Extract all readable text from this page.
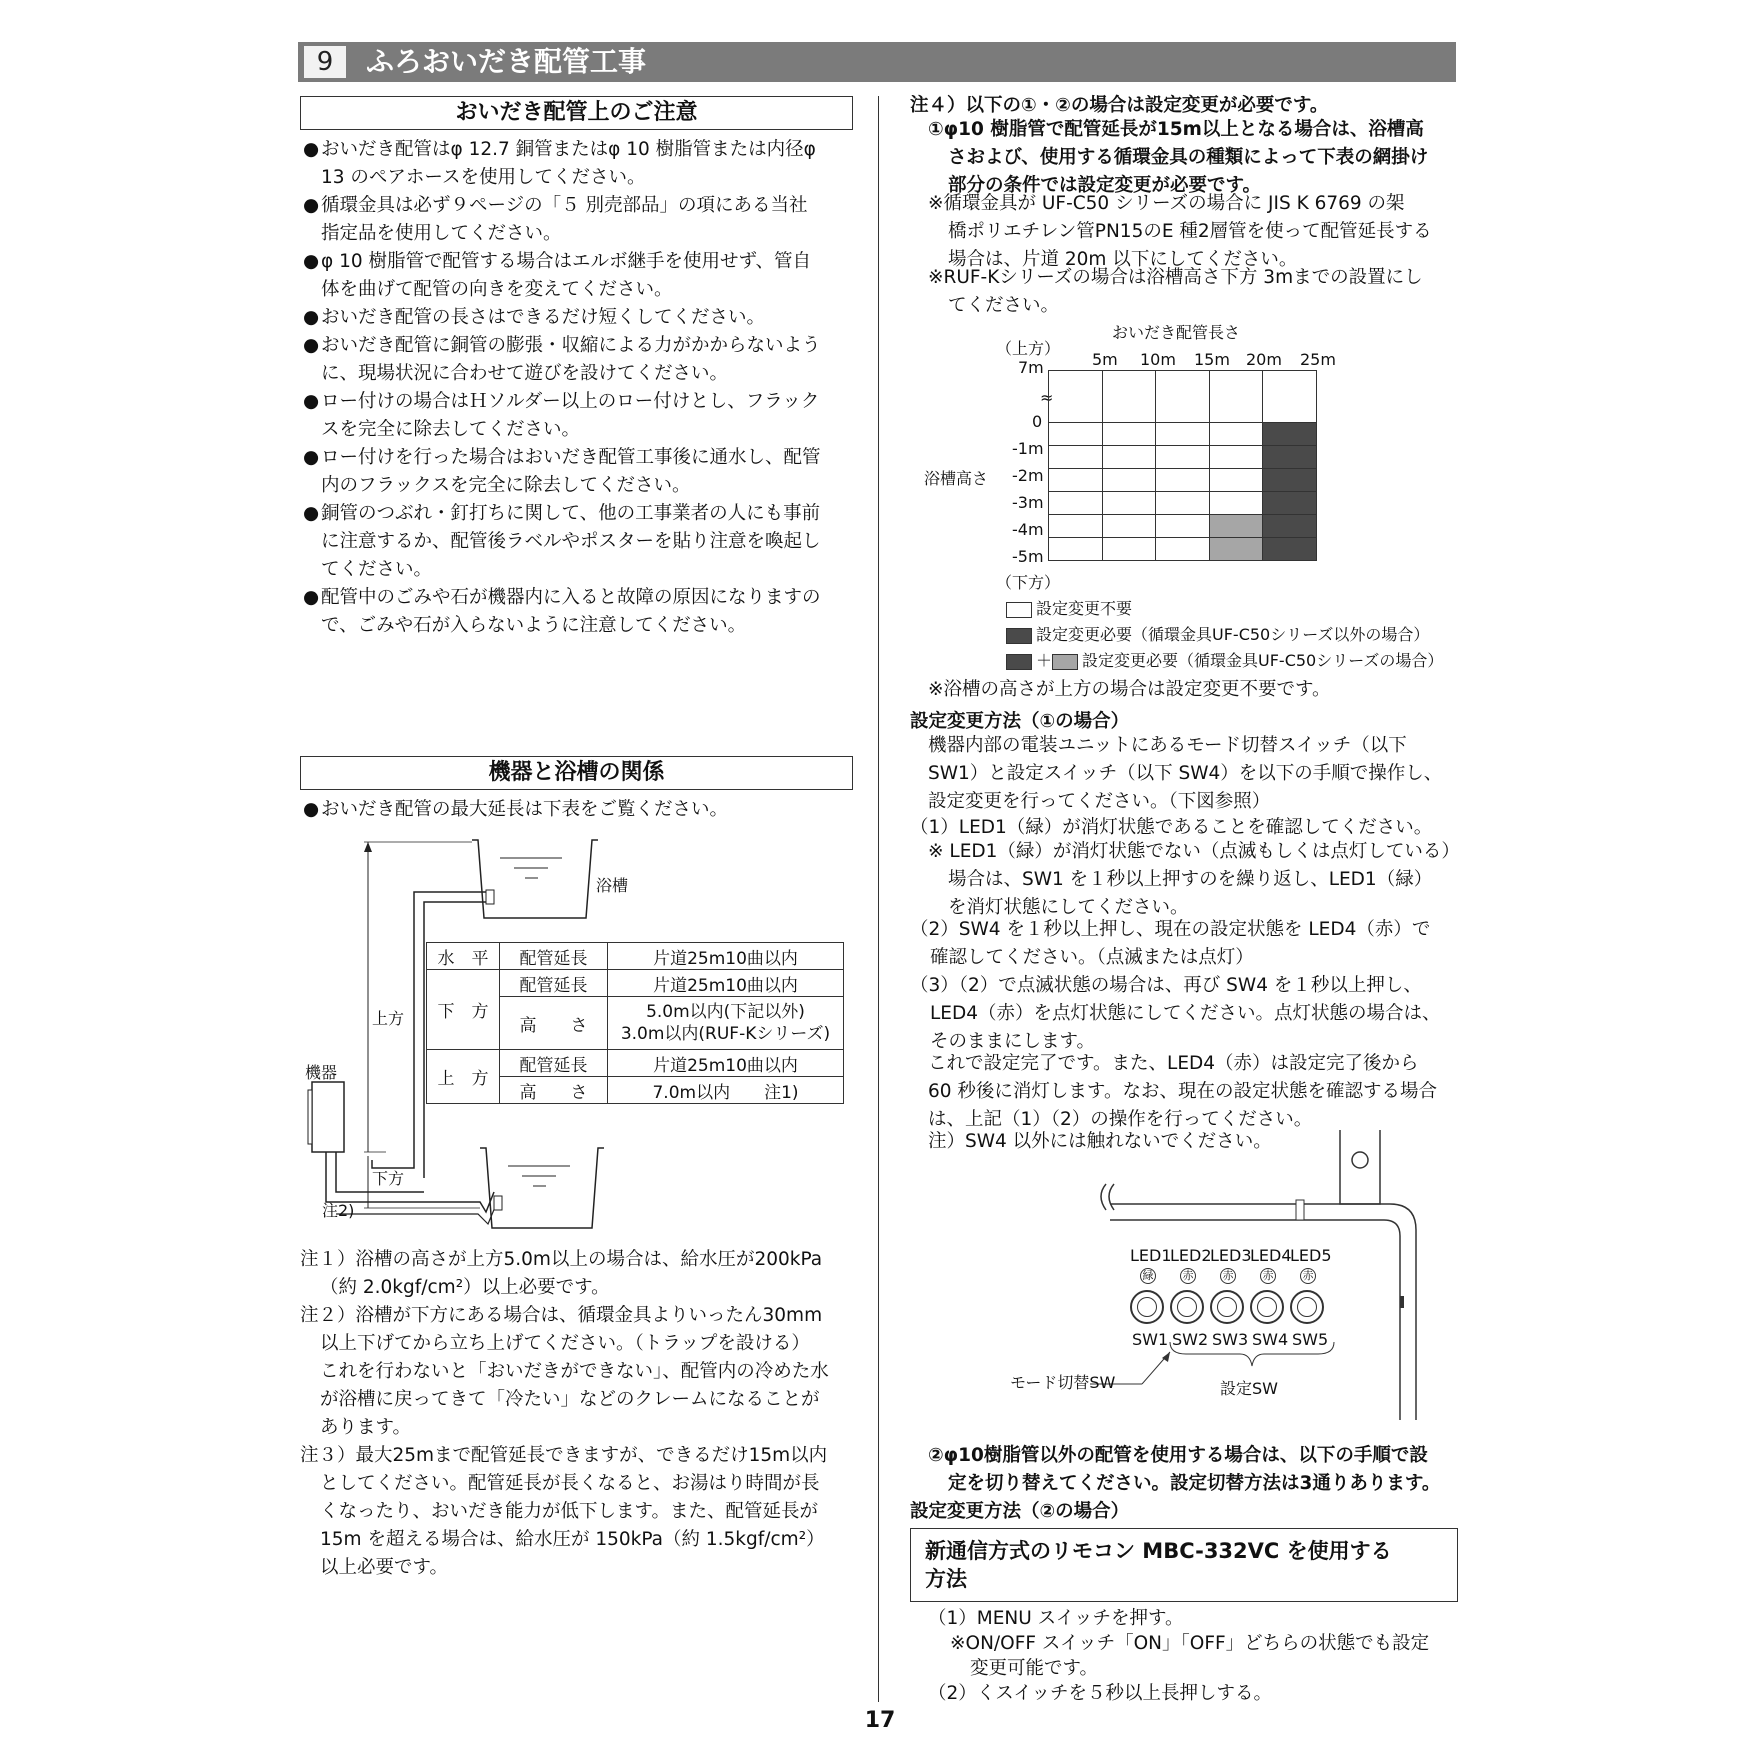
9	ふろおいだき配管工事
おいだき配管上のご注意
● おいだき配管はφ 12.7 銅管またはφ 10 樹脂管または内径φ
13 のペアホースを使用してください。
● 循環金具は必ず９ページの「５ 別売部品」の項にある当社
指定品を使用してください。
● φ 10 樹脂管で配管する場合はエルボ継手を使用せず、管自
体を曲げて配管の向きを変えてください。
● おいだき配管の長さはできるだけ短くしてください。
● おいだき配管に銅管の膨張・収縮による力がかからないよう
に、現場状況に合わせて遊びを設けてください。
● ロー付けの場合はＨソルダー以上のロー付けとし、フラック
スを完全に除去してください。
● ロー付けを行った場合はおいだき配管工事後に通水し、配管
内のフラックスを完全に除去してください。
● 銅管のつぶれ・釘打ちに関して、他の工事業者の人にも事前
に注意するか、配管後ラベルやポスターを貼り注意を喚起し
てください。
● 配管中のごみや石が機器内に入ると故障の原因になりますの
で、ごみや石が入らないように注意してください。
機器と浴槽の関係
● おいだき配管の最大延長は下表をご覧ください。
浴槽
上方
機器
下方
注2)
水　平	配管延長	片道25m10曲以内
下　方	配管延長	片道25m10曲以内
	高　　さ	5.0m以内(下記以外)
3.0m以内(RUF-Kシリーズ)
上　方	配管延長	片道25m10曲以内
	高　　さ	7.0m以内　　注1)
注１）浴槽の高さが上方5.0m以上の場合は、給水圧が200kPa
（約 2.0kgf/cm²）以上必要です。
注２）浴槽が下方にある場合は、循環金具よりいったん30mm
以上下げてから立ち上げてください。（トラップを設ける）
これを行わないと「おいだきができない」、配管内の冷めた水
が浴槽に戻ってきて「冷たい」などのクレームになることが
あります。
注３）最大25mまで配管延長できますが、できるだけ15m以内
としてください。配管延長が長くなると、お湯はり時間が長
くなったり、おいだき能力が低下します。また、配管延長が
15m を超える場合は、給水圧が 150kPa（約 1.5kgf/cm²）
以上必要です。
注４）以下の①・②の場合は設定変更が必要です。
①φ10 樹脂管で配管延長が15m以上となる場合は、浴槽高
さおよび、使用する循環金具の種類によって下表の網掛け
部分の条件では設定変更が必要です。
※循環金具が UF-C50 シリーズの場合に JIS K 6769 の架
橋ポリエチレン管PN15のE 種2層管を使って配管延長する
場合は、片道 20m 以下にしてください。
※RUF-Kシリーズの場合は浴槽高さ下方 3mまでの設置にし
てください。
おいだき配管長さ
（上方）
（下方）
浴槽高さ
5m 10m 15m 20m 25m
7m
≈
0
-1m
-2m
-3m
-4m
-5m
設定変更不要
設定変更必要（循環金具UF-C50シリーズ以外の場合）
＋ 設定変更必要（循環金具UF-C50シリーズの場合）
※浴槽の高さが上方の場合は設定変更不要です。
設定変更方法（①の場合）
機器内部の電装ユニットにあるモード切替スイッチ（以下
SW1）と設定スイッチ（以下 SW4）を以下の手順で操作し、
設定変更を行ってください。（下図参照）
（1）LED1（緑）が消灯状態であることを確認してください。
※ LED1（緑）が消灯状態でない（点滅もしくは点灯している）
場合は、SW1 を１秒以上押すのを繰り返し、LED1（緑）
を消灯状態にしてください。
（2）SW4 を１秒以上押し、現在の設定状態を LED4（赤）で
確認してください。（点滅または点灯）
（3）（2）で点滅状態の場合は、再び SW4 を１秒以上押し、
LED4（赤）を点灯状態にしてください。点灯状態の場合は、
そのままにします。
これで設定完了です。また、LED4（赤）は設定完了後から
60 秒後に消灯します。なお、現在の設定状態を確認する場合
は、上記（1）（2）の操作を行ってください。
注）SW4 以外には触れないでください。
LED1
LED2
LED3
LED4
LED5
緑	赤	赤	赤	赤
SW1 SW2 SW3 SW4 SW5
モード切替SW	設定SW
②φ10樹脂管以外の配管を使用する場合は、以下の手順で設
定を切り替えてください。設定切替方法は3通りあります。
設定変更方法（②の場合）
新通信方式のリモコン MBC-332VC を使用する
方法
（1）MENU スイッチを押す。
※ON/OFF スイッチ「ON」「OFF」どちらの状態でも設定
変更可能です。
（2）くスイッチを５秒以上長押しする。
17
